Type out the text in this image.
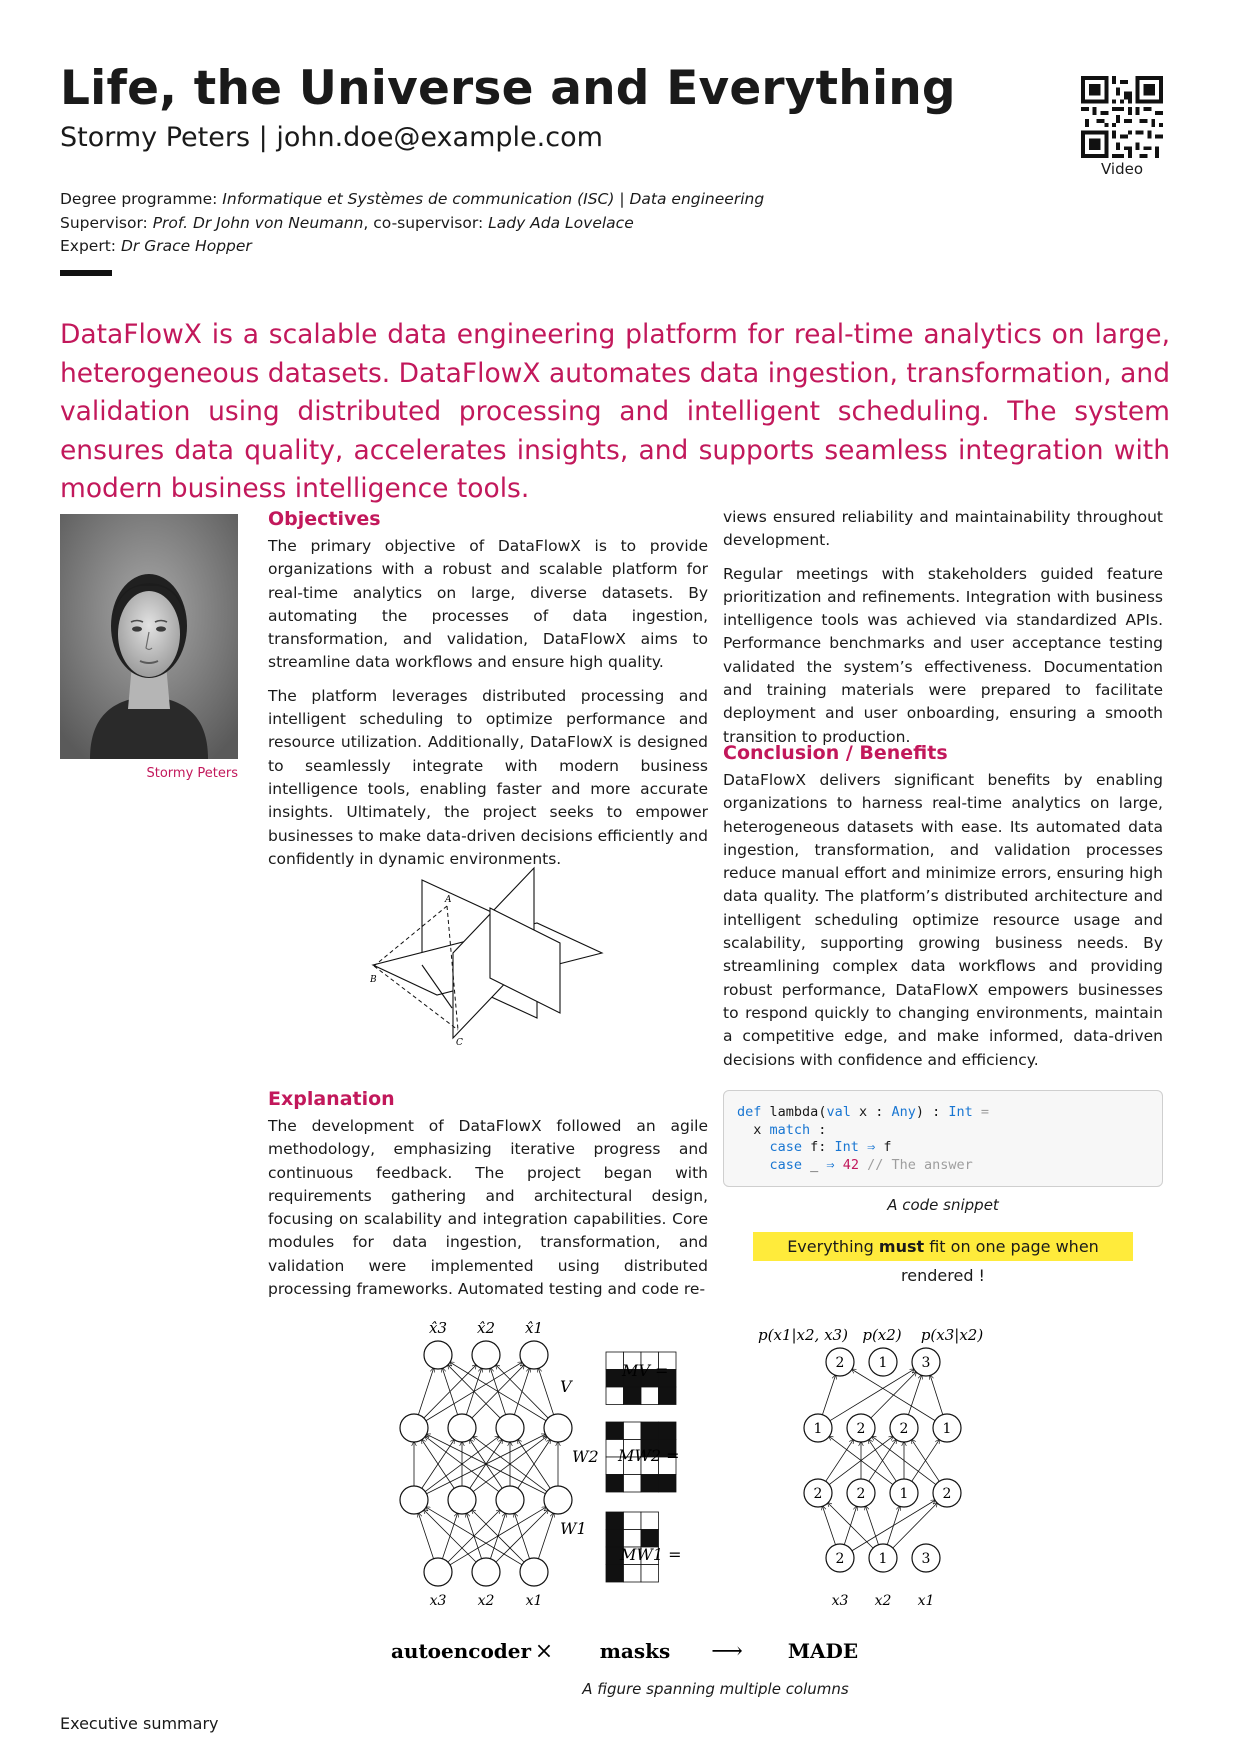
Life, the Universe and Everything
Stormy Peters | john.doe@example.com
Video
Degree programme: Informatique et Systèmes de communication (ISC) | Data engineering
Supervisor: Prof. Dr John von Neumann, co-supervisor: Lady Ada Lovelace
Expert: Dr Grace Hopper
DataFlowX is a scalable data engineering platform for real-time analytics on large, heterogeneous datasets. DataFlowX automates data ingestion, transformation, and validation using distributed processing and intelligent scheduling. The system ensures data quality, accelerates insights, and supports seamless integration with modern business intelligence tools.
Stormy Peters
Objectives

The primary objective of DataFlowX is to provide organizations with a robust and scalable platform for real-time analytics on large, diverse datasets. By automating the processes of data ingestion, transformation, and validation, DataFlowX aims to streamline data workflows and ensure high quality.

The platform leverages distributed processing and intelligent scheduling to optimize performance and resource utilization. Additionally, DataFlowX is designed to seamlessly integrate with modern business intelligence tools, enabling faster and more accurate insights. Ultimately, the project seeks to empower businesses to make data-driven decisions efficiently and confidently in dynamic environments.

A
B
C
Explanation

The development of DataFlowX followed an agile methodology, emphasizing iterative progress and continuous feedback. The project began with requirements gathering and architectural design, focusing on scalability and integration capabilities. Core modules for data ingestion, transformation, and validation were implemented using distributed processing frameworks. Automated testing and code re-

views ensured reliability and maintainability throughout development.

Regular meetings with stakeholders guided feature prioritization and refinements. Integration with business intelligence tools was achieved via standardized APIs. Performance benchmarks and user acceptance testing validated the system’s effectiveness. Documentation and training materials were prepared to facilitate deployment and user onboarding, ensuring a smooth transition to production.

Conclusion / Benefits

DataFlowX delivers significant benefits by enabling organizations to harness real-time analytics on large, heterogeneous datasets with ease. Its automated data ingestion, transformation, and validation processes reduce manual effort and minimize errors, ensuring high data quality. The platform’s distributed architecture and intelligent scheduling optimize resource usage and scalability, supporting growing business needs. By streamlining complex data workflows and providing robust performance, DataFlowX empowers businesses to respond quickly to changing environments, maintain a competitive edge, and make informed, data-driven decisions with confidence and efficiency.

def lambda(val x : Any) : Int =
x match :
case f: Int ⇒ f
case _ ⇒ 42 // The answer
A code snippet
Everything must fit on one page when rendered !
2 1 3
1 2 2 1
2 2 1 2
2 1 3
x̂3 x̂2 x̂1
x3 x2 x1
V
W2
W1
MV =
MW2 =
MW1 =
p(x1|x2, x3) p(x2) p(x3|x2)
x3 x2 x1
autoencoder × masks ⟶ MADE
A figure spanning multiple columns
Executive summary
